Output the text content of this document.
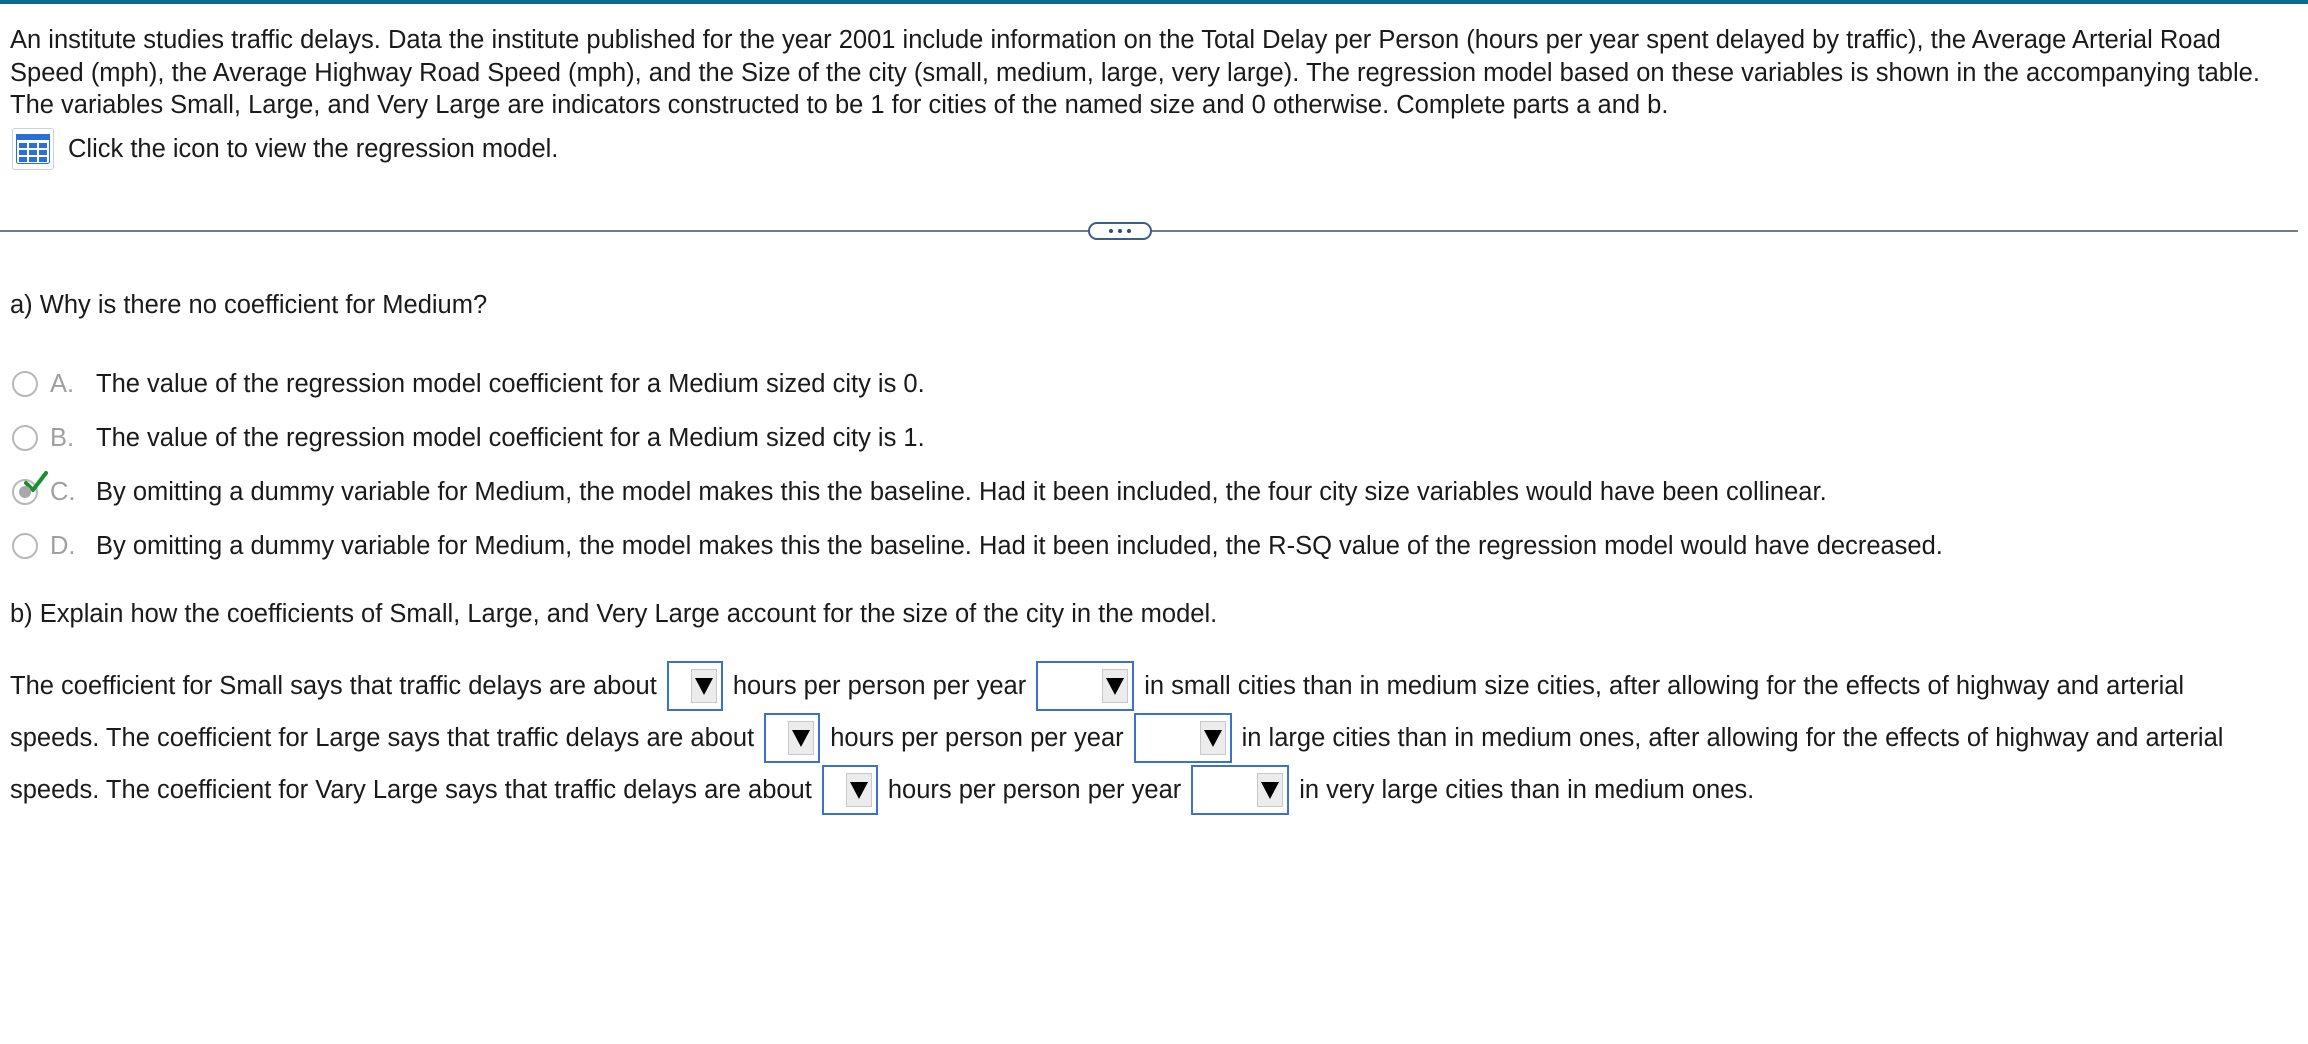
An institute studies traffic delays. Data the institute published for the year 2001 include information on the Total Delay per Person (hours per year spent delayed by traffic), the Average Arterial Road Speed (mph), the Average Highway Road Speed (mph), and the Size of the city (small, medium, large, very large). The regression model based on these variables is shown in the accompanying table. The variables Small, Large, and Very Large are indicators constructed to be 1 for cities of the named size and 0 otherwise. Complete parts a and b.

Click the icon to view the regression model.
a) Why is there no coefficient for Medium?
A. The value of the regression model coefficient for a Medium sized city is 0.
B. The value of the regression model coefficient for a Medium sized city is 1.
C. By omitting a dummy variable for Medium, the model makes this the baseline. Had it been included, the four city size variables would have been collinear.
D. By omitting a dummy variable for Medium, the model makes this the baseline. Had it been included, the R-SQ value of the regression model would have decreased.
b) Explain how the coefficients of Small, Large, and Very Large account for the size of the city in the model.
The coefficient for Small says that traffic delays are about	hours per person per year	in small cities than in medium size cities, after allowing for the effects of highway and arterial
speeds. The coefficient for Large says that traffic delays are about	hours per person per year	in large cities than in medium ones, after allowing for the effects of highway and arterial
speeds. The coefficient for Vary Large says that traffic delays are about	hours per person per year	in very large cities than in medium ones.
